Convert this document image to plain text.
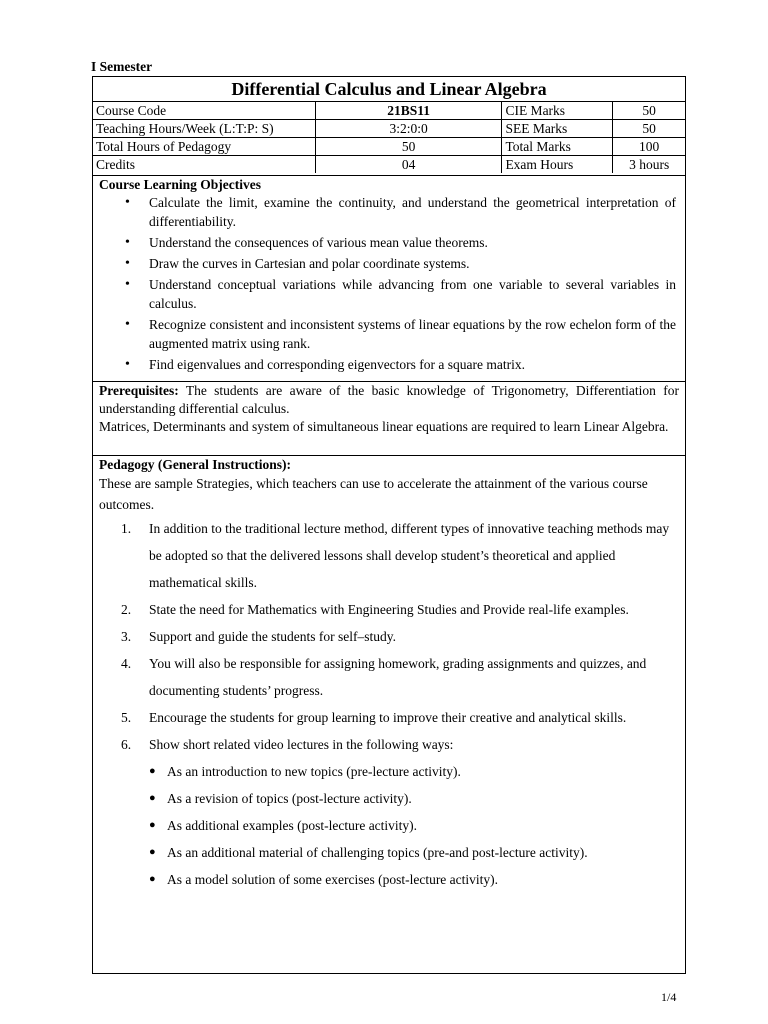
I Semester
Differential Calculus and Linear Algebra
Course Code	21BS11	CIE Marks	50
Teaching Hours/Week (L:T:P: S)	3:2:0:0	SEE Marks	50
Total Hours of Pedagogy	50	Total Marks	100
Credits	04	Exam Hours	3 hours
Course Learning Objectives
• Calculate the limit, examine the continuity, and understand the geometrical interpretation of differentiability.
• Understand the consequences of various mean value theorems.
• Draw the curves in Cartesian and polar coordinate systems.
• Understand conceptual variations while advancing from one variable to several variables in calculus.
• Recognize consistent and inconsistent systems of linear equations by the row echelon form of the augmented matrix using rank.
• Find eigenvalues and corresponding eigenvectors for a square matrix.
Prerequisites: The students are aware of the basic knowledge of Trigonometry, Differentiation for understanding differential calculus.
Matrices, Determinants and system of simultaneous linear equations are required to learn Linear Algebra.
Pedagogy (General Instructions):
These are sample Strategies, which teachers can use to accelerate the attainment of the various course outcomes.
1. In addition to the traditional lecture method, different types of innovative teaching methods may be adopted so that the delivered lessons shall develop student’s theoretical and applied mathematical skills.
2. State the need for Mathematics with Engineering Studies and Provide real-life examples.
3. Support and guide the students for self–study.
4. You will also be responsible for assigning homework, grading assignments and quizzes, and documenting students’ progress.
5. Encourage the students for group learning to improve their creative and analytical skills.
6. Show short related video lectures in the following ways:
● As an introduction to new topics (pre-lecture activity).
● As a revision of topics (post-lecture activity).
● As additional examples (post-lecture activity).
● As an additional material of challenging topics (pre-and post-lecture activity).
● As a model solution of some exercises (post-lecture activity).
1/4
